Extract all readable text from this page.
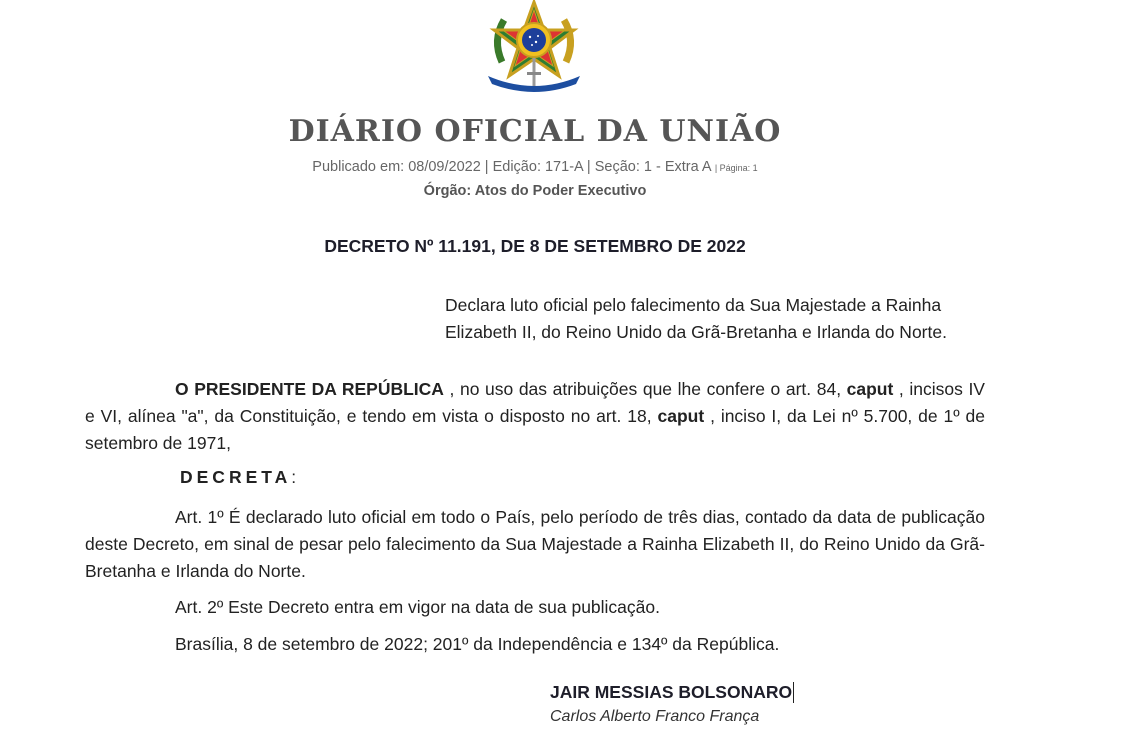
DIÁRIO OFICIAL DA UNIÃO
Publicado em: 08/09/2022 | Edição: 171-A | Seção: 1 - Extra A | Página: 1
Órgão: Atos do Poder Executivo
DECRETO Nº 11.191, DE 8 DE SETEMBRO DE 2022
Declara luto oficial pelo falecimento da Sua Majestade a Rainha Elizabeth II, do Reino Unido da Grã-Bretanha e Irlanda do Norte.
O PRESIDENTE DA REPÚBLICA , no uso das atribuições que lhe confere o art. 84, caput , incisos IV e VI, alínea "a", da Constituição, e tendo em vista o disposto no art. 18, caput , inciso I, da Lei nº 5.700, de 1º de setembro de 1971,
DECRETA:
Art. 1º É declarado luto oficial em todo o País, pelo período de três dias, contado da data de publicação deste Decreto, em sinal de pesar pelo falecimento da Sua Majestade a Rainha Elizabeth II, do Reino Unido da Grã-Bretanha e Irlanda do Norte.
Art. 2º Este Decreto entra em vigor na data de sua publicação.
Brasília, 8 de setembro de 2022; 201º da Independência e 134º da República.
JAIR MESSIAS BOLSONARO
Carlos Alberto Franco França
